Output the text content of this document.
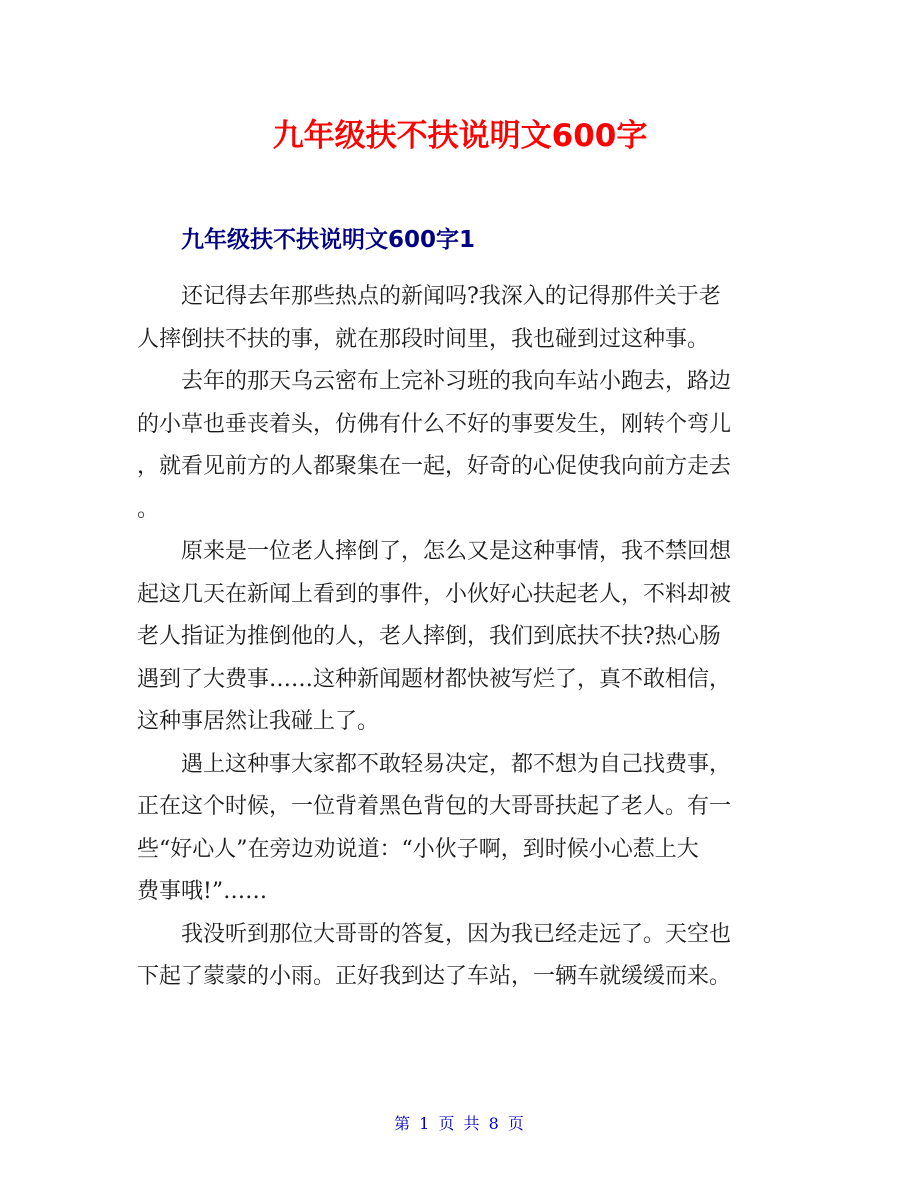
九年级扶不扶说明文600字
九年级扶不扶说明文600字1
还记得去年那些热点的新闻吗?我深入的记得那件关于老
人摔倒扶不扶的事，就在那段时间里，我也碰到过这种事。
去年的那天乌云密布上完补习班的我向车站小跑去，路边
的小草也垂丧着头，仿佛有什么不好的事要发生，刚转个弯儿
，就看见前方的人都聚集在一起，好奇的心促使我向前方走去
。
原来是一位老人摔倒了，怎么又是这种事情，我不禁回想
起这几天在新闻上看到的事件，小伙好心扶起老人，不料却被
老人指证为推倒他的人，老人摔倒，我们到底扶不扶?热心肠
遇到了大费事……这种新闻题材都快被写烂了，真不敢相信，
这种事居然让我碰上了。
遇上这种事大家都不敢轻易决定，都不想为自己找费事，
正在这个时候，一位背着黑色背包的大哥哥扶起了老人。有一
些“好心人”在旁边劝说道：“小伙子啊，到时候小心惹上大
费事哦!”……
我没听到那位大哥哥的答复，因为我已经走远了。天空也
下起了蒙蒙的小雨。正好我到达了车站，一辆车就缓缓而来。
第 1 页 共 8 页
